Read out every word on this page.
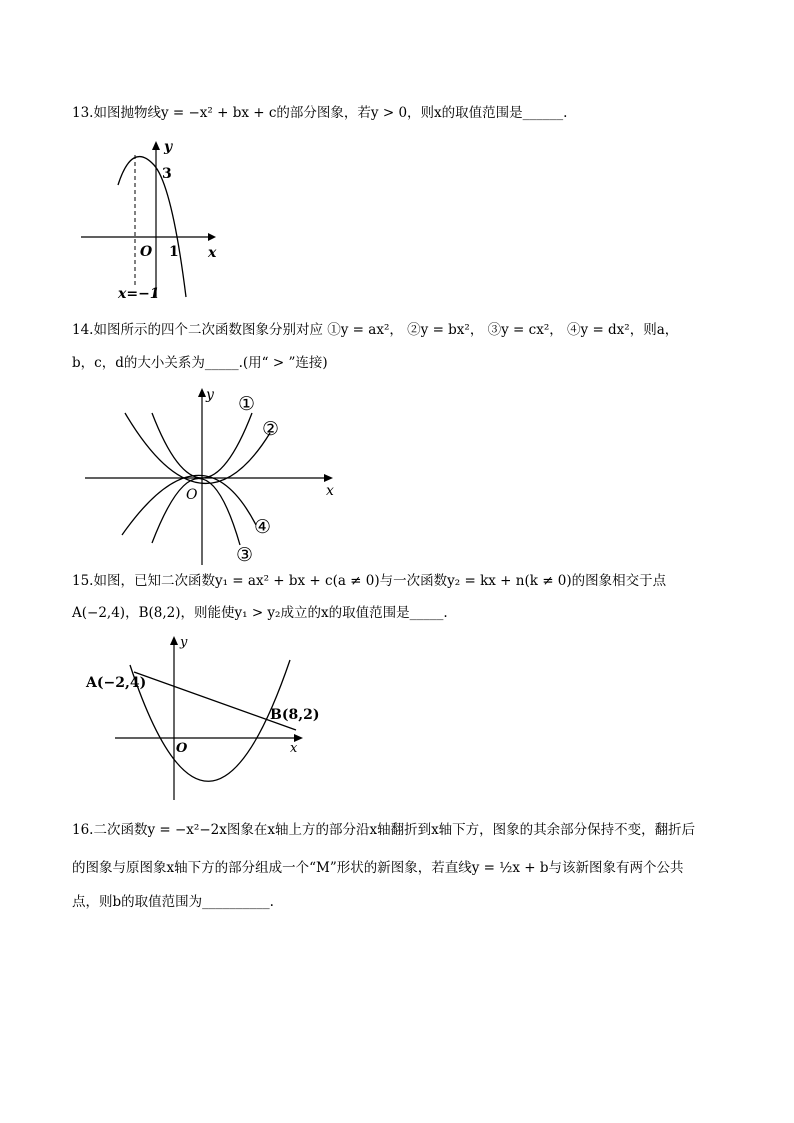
13.如图抛物线y = −x² + bx + c的部分图象，若y > 0，则x的取值范围是______.
y
x
O
3
1
x=−1
14.如图所示的四个二次函数图象分别对应 ①y = ax²， ②y = bx²， ③y = cx²， ④y = dx²，则a，
b，c，d的大小关系为_____.(用“ > ”连接)
y
x
O
①
②
③
④
15.如图，已知二次函数y₁ = ax² + bx + c(a ≠ 0)与一次函数y₂ = kx + n(k ≠ 0)的图象相交于点
A(−2,4)，B(8,2)，则能使y₁ > y₂成立的x的取值范围是_____.
y
x
O
A(−2,4)
B(8,2)
16.二次函数y = −x²−2x图象在x轴上方的部分沿x轴翻折到x轴下方，图象的其余部分保持不变，翻折后
的图象与原图象x轴下方的部分组成一个“M”形状的新图象，若直线y = ½x + b与该新图象有两个公共
点，则b的取值范围为__________.
